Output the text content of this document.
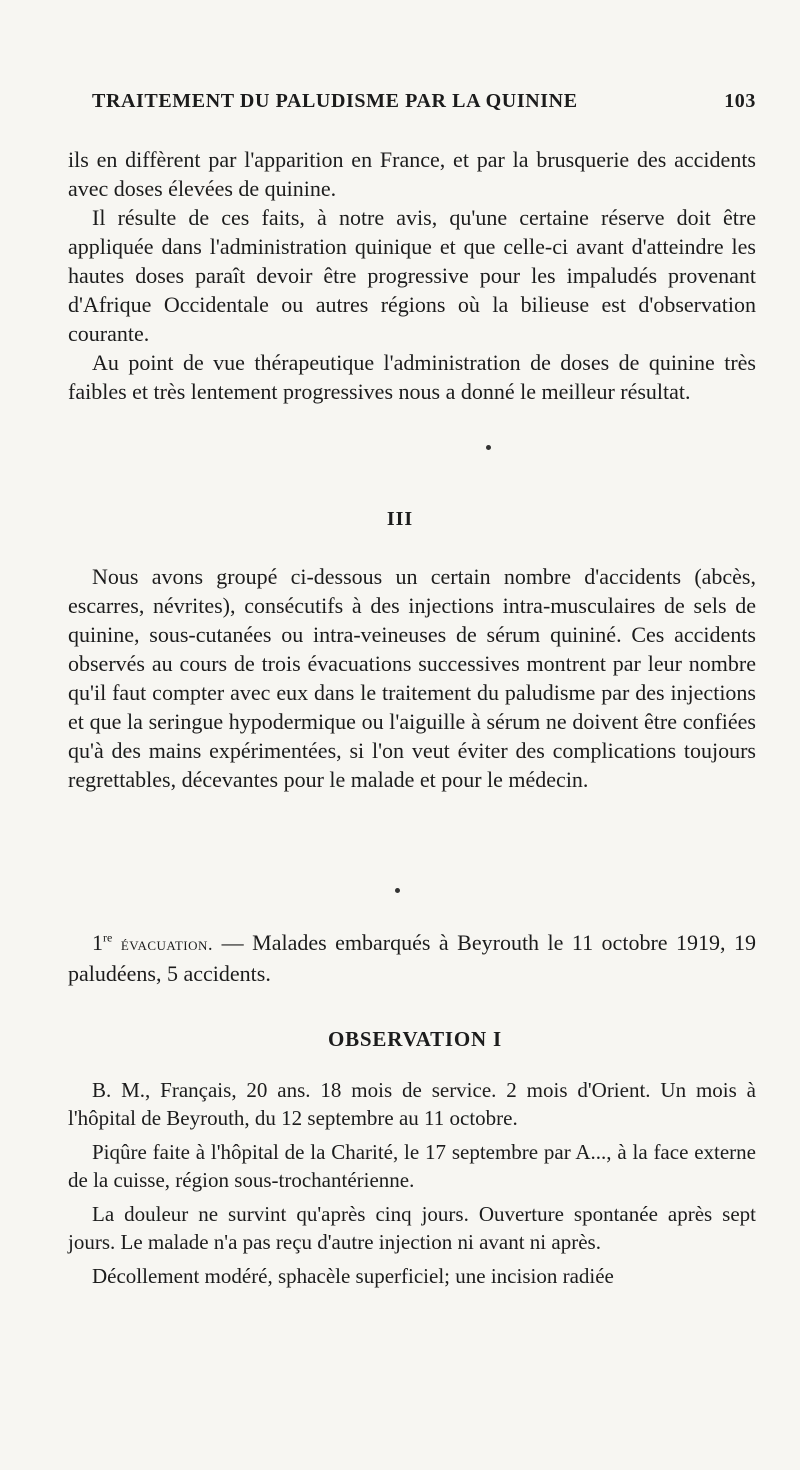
TRAITEMENT DU PALUDISME PAR LA QUININE	103

ils en diffèrent par l'apparition en France, et par la brusquerie des accidents avec doses élevées de quinine.

Il résulte de ces faits, à notre avis, qu'une certaine réserve doit être appliquée dans l'administration quinique et que celle-ci avant d'atteindre les hautes doses paraît devoir être progressive pour les impaludés provenant d'Afrique Occidentale ou autres régions où la bilieuse est d'observation courante.

Au point de vue thérapeutique l'administration de doses de quinine très faibles et très lentement progressives nous a donné le meilleur résultat.

III

Nous avons groupé ci-dessous un certain nombre d'accidents (abcès, escarres, névrites), consécutifs à des injections intra-musculaires de sels de quinine, sous-cutanées ou intra-veineuses de sérum quininé. Ces accidents observés au cours de trois évacuations successives montrent par leur nombre qu'il faut compter avec eux dans le traitement du paludisme par des injections et que la seringue hypodermique ou l'aiguille à sérum ne doivent être confiées qu'à des mains expérimentées, si l'on veut éviter des complications toujours regrettables, décevantes pour le malade et pour le médecin.

1re évacuation. — Malades embarqués à Beyrouth le 11 octobre 1919, 19 paludéens, 5 accidents.

OBSERVATION I

B. M., Français, 20 ans. 18 mois de service. 2 mois d'Orient. Un mois à l'hôpital de Beyrouth, du 12 septembre au 11 octobre.

Piqûre faite à l'hôpital de la Charité, le 17 septembre par A..., à la face externe de la cuisse, région sous-trochantérienne.

La douleur ne survint qu'après cinq jours. Ouverture spontanée après sept jours. Le malade n'a pas reçu d'autre injection ni avant ni après.

Décollement modéré, sphacèle superficiel; une incision radiée
